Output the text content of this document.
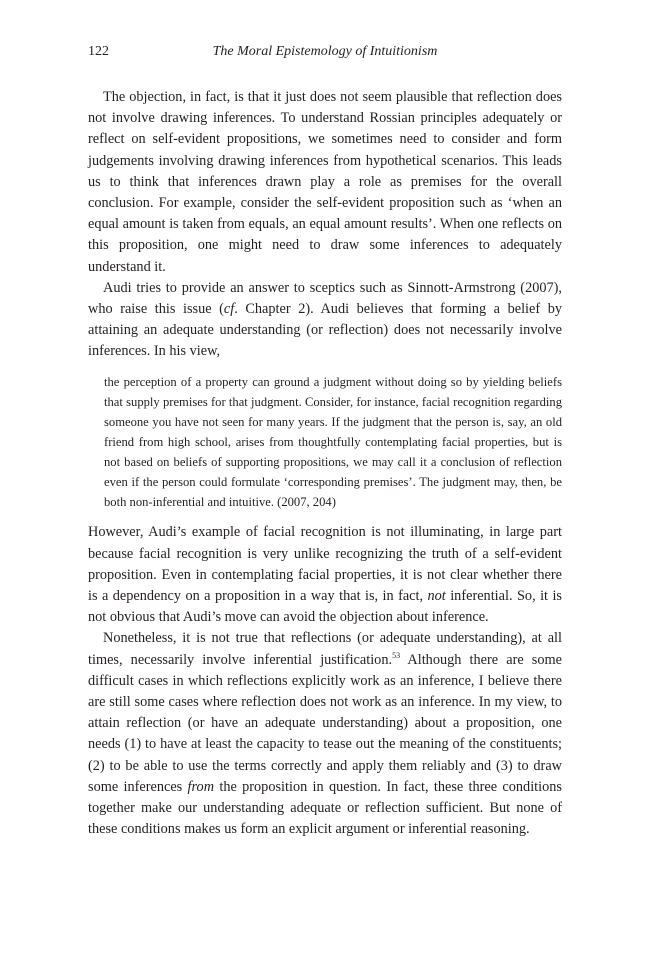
122	The Moral Epistemology of Intuitionism

The objection, in fact, is that it just does not seem plausible that reflection does not involve drawing inferences. To understand Rossian principles adequately or reflect on self-evident propositions, we sometimes need to consider and form judgements involving drawing inferences from hypothetical scenarios. This leads us to think that inferences drawn play a role as premises for the overall conclusion. For example, consider the self-evident proposition such as ‘when an equal amount is taken from equals, an equal amount results’. When one reflects on this proposition, one might need to draw some inferences to adequately understand it.

Audi tries to provide an answer to sceptics such as Sinnott-Armstrong (2007), who raise this issue (cf. Chapter 2). Audi believes that forming a belief by attaining an adequate understanding (or reflection) does not necessarily involve inferences. In his view,

the perception of a property can ground a judgment without doing so by yielding beliefs that supply premises for that judgment. Consider, for instance, facial recognition regarding someone you have not seen for many years. If the judgment that the person is, say, an old friend from high school, arises from thoughtfully contemplating facial properties, but is not based on beliefs of supporting propositions, we may call it a conclusion of reflection even if the person could formulate ‘corresponding premises’. The judgment may, then, be both non-inferential and intuitive. (2007, 204)

However, Audi’s example of facial recognition is not illuminating, in large part because facial recognition is very unlike recognizing the truth of a self-evident proposition. Even in contemplating facial properties, it is not clear whether there is a dependency on a proposition in a way that is, in fact, not inferential. So, it is not obvious that Audi’s move can avoid the objection about inference.

Nonetheless, it is not true that reflections (or adequate understanding), at all times, necessarily involve inferential justification.$^{53}$ Although there are some difficult cases in which reflections explicitly work as an inference, I believe there are still some cases where reflection does not work as an inference. In my view, to attain reflection (or have an adequate understanding) about a proposition, one needs (1) to have at least the capacity to tease out the meaning of the constituents; (2) to be able to use the terms correctly and apply them reliably and (3) to draw some inferences from the proposition in question. In fact, these three conditions together make our understanding adequate or reflection sufficient. But none of these conditions makes us form an explicit argument or inferential reasoning.
